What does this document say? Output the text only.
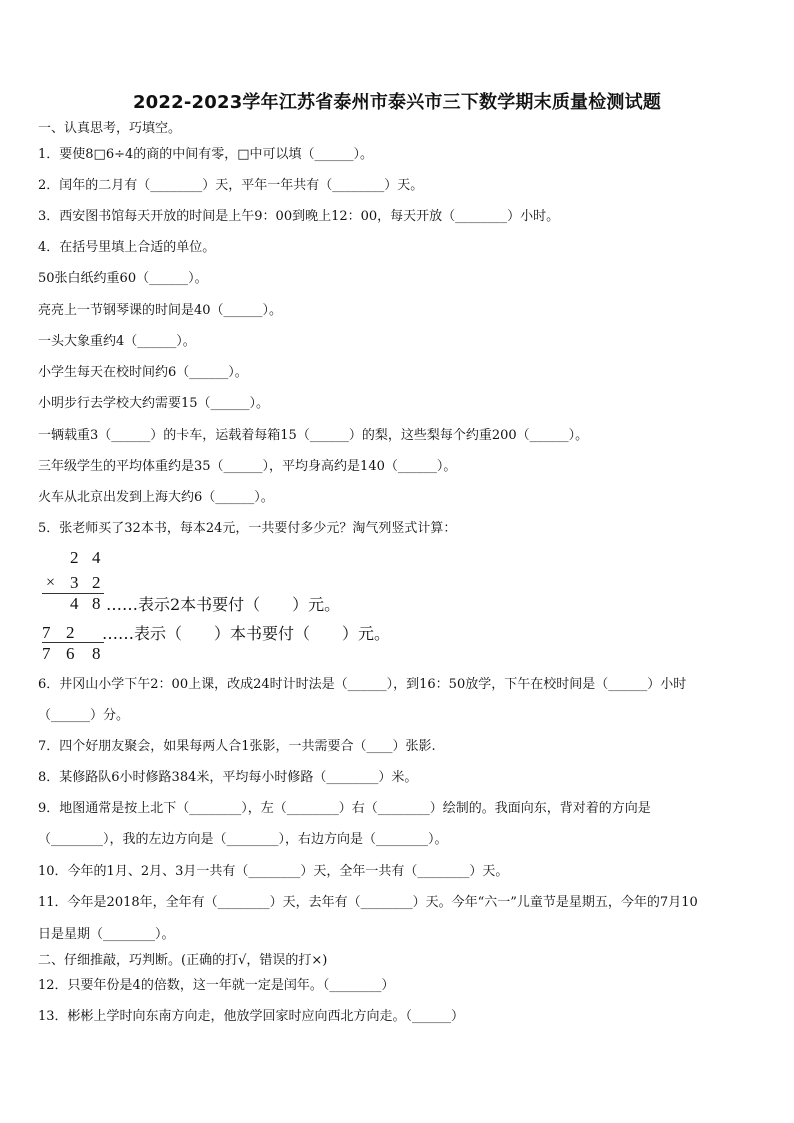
2022-2023学年江苏省泰州市泰兴市三下数学期末质量检测试题
一、认真思考，巧填空。
1．要使8□6÷4的商的中间有零，□中可以填（______）。
2．闰年的二月有（________）天，平年一年共有（________）天。
3．西安图书馆每天开放的时间是上午9：00到晚上12：00，每天开放（________）小时。
4．在括号里填上合适的单位。
50张白纸约重60（______）。
亮亮上一节钢琴课的时间是40（______）。
一头大象重约4（______）。
小学生每天在校时间约6（______）。
小明步行去学校大约需要15（______）。
一辆载重3（______）的卡车，运载着每箱15（______）的梨，这些梨每个约重200（______）。
三年级学生的平均体重约是35（______），平均身高约是140（______）。
火车从北京出发到上海大约6（______）。
5．张老师买了32本书，每本24元，一共要付多少元？淘气列竖式计算：
2 4
× 3 2
4 8 ……表示2本书要付（　　）元。
7 2 ……表示（　　）本书要付（　　）元。
7 6 8
6．井冈山小学下午2：00上课，改成24时计时法是（______），到16：50放学，下午在校时间是（______）小时
（______）分。
7．四个好朋友聚会，如果每两人合1张影，一共需要合（____）张影.
8．某修路队6小时修路384米，平均每小时修路（________）米。
9．地图通常是按上北下（________），左（________）右（________）绘制的。我面向东，背对着的方向是
（________），我的左边方向是（________），右边方向是（________）。
10．今年的1月、2月、3月一共有（________）天，全年一共有（________）天。
11．今年是2018年，全年有（________）天，去年有（________）天。今年“六一”儿童节是星期五，今年的7月10
日是星期（________）。
二、仔细推敲，巧判断。(正确的打√，错误的打×)
12．只要年份是4的倍数，这一年就一定是闰年。（________）
13．彬彬上学时向东南方向走，他放学回家时应向西北方向走。（______）
